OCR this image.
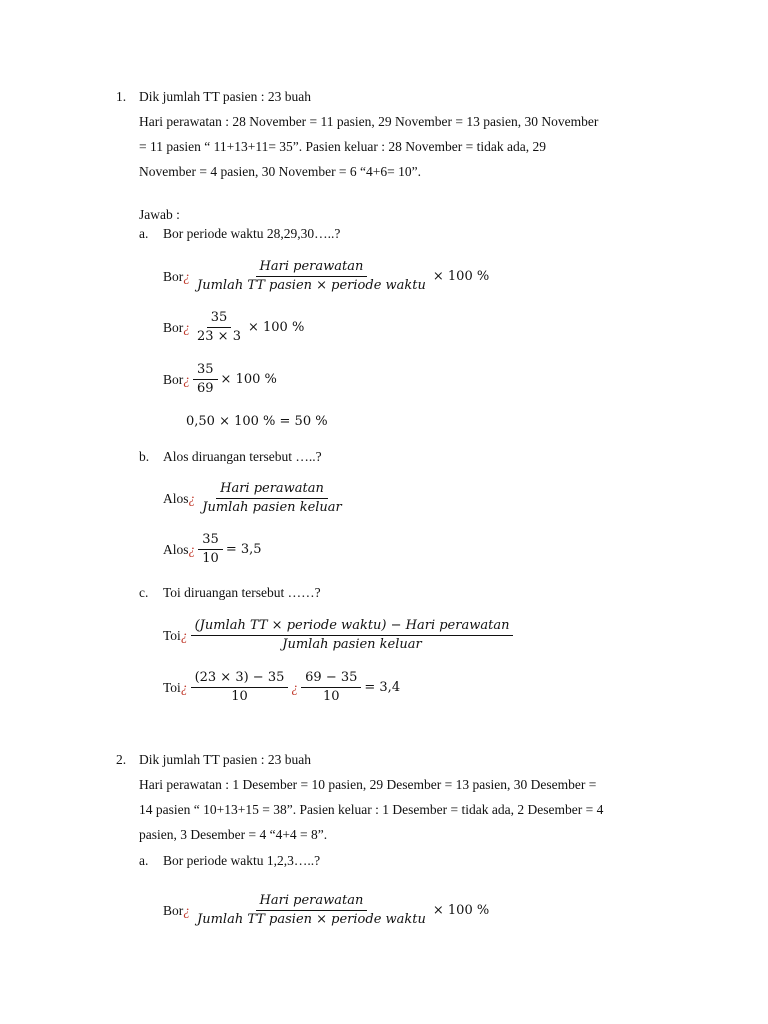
1. Dik jumlah TT pasien : 23 buah
Hari perawatan : 28 November = 11 pasien, 29 November = 13 pasien, 30 November
= 11 pasien “ 11+13+11= 35”. Pasien keluar : 28 November = tidak ada, 29
November = 4 pasien, 30 November = 6 “4+6= 10”.
Jawab :
a. Bor periode waktu 28,29,30…..?
Bor ¿ $\frac{\text{Hari perawatan}}{\text{Jumlah TT pasien × periode waktu}} \times 100$ %
Bor ¿ $\frac{35}{23 \times 3} \times 100$ %
Bor ¿ $\frac{35}{69} \times 100$ %
0,50 × 100 % = 50 %
b. Alos diruangan tersebut …..?
Alos ¿ $\frac{\text{Hari perawatan}}{\text{Jumlah pasien keluar}}$
Alos ¿ $\frac{35}{10} = 3,5$
c. Toi diruangan tersebut ……?
Toi ¿ $\frac{\text{(Jumlah TT × periode waktu) − Hari perawatan}}{\text{Jumlah pasien keluar}}$
Toi ¿ $\frac{(23 \times 3) - 35}{10}$ ¿ $\frac{69 - 35}{10} = 3,4$
2. Dik jumlah TT pasien : 23 buah
Hari perawatan : 1 Desember = 10 pasien, 29 Desember = 13 pasien, 30 Desember =
14 pasien “ 10+13+15 = 38”. Pasien keluar : 1 Desember = tidak ada, 2 Desember = 4
pasien, 3 Desember = 4 “4+4 = 8”.
a. Bor periode waktu 1,2,3…..?
Bor ¿ $\frac{\text{Hari perawatan}}{\text{Jumlah TT pasien × periode waktu}} \times 100$ %
